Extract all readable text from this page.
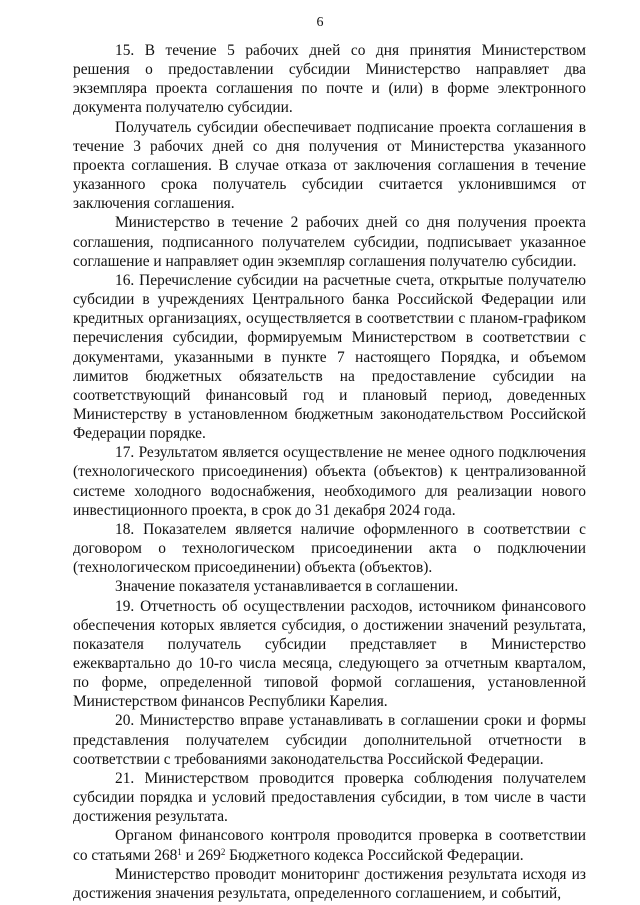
6

15. В течение 5 рабочих дней со дня принятия Министерством решения о предоставлении субсидии Министерство направляет два экземпляра проекта соглашения по почте и (или) в форме электронного документа получателю субсидии.

Получатель субсидии обеспечивает подписание проекта соглашения в течение 3 рабочих дней со дня получения от Министерства указанного проекта соглашения. В случае отказа от заключения соглашения в течение указанного срока получатель субсидии считается уклонившимся от заключения соглашения.

Министерство в течение 2 рабочих дней со дня получения проекта соглашения, подписанного получателем субсидии, подписывает указанное соглашение и направляет один экземпляр соглашения получателю субсидии.

16. Перечисление субсидии на расчетные счета, открытые получателю субсидии в учреждениях Центрального банка Российской Федерации или кредитных организациях, осуществляется в соответствии с планом-графиком перечисления субсидии, формируемым Министерством в соответствии с документами, указанными в пункте 7 настоящего Порядка, и объемом лимитов бюджетных обязательств на предоставление субсидии на соответствующий финансовый год и плановый период, доведенных Министерству в установленном бюджетным законодательством Российской Федерации порядке.

17. Результатом является осуществление не менее одного подключения (технологического присоединения) объекта (объектов) к централизованной системе холодного водоснабжения, необходимого для реализации нового инвестиционного проекта, в срок до 31 декабря 2024 года.

18. Показателем является наличие оформленного в соответствии с договором о технологическом присоединении акта о подключении (технологическом присоединении) объекта (объектов).

Значение показателя устанавливается в соглашении.

19. Отчетность об осуществлении расходов, источником финансового обеспечения которых является субсидия, о достижении значений результата, показателя получатель субсидии представляет в Министерство ежеквартально до 10-го числа месяца, следующего за отчетным кварталом, по форме, определенной типовой формой соглашения, установленной Министерством финансов Республики Карелия.

20. Министерство вправе устанавливать в соглашении сроки и формы представления получателем субсидии дополнительной отчетности в соответствии с требованиями законодательства Российской Федерации.

21. Министерством проводится проверка соблюдения получателем субсидии порядка и условий предоставления субсидии, в том числе в части достижения результата.

Органом финансового контроля проводится проверка в соответствии со статьями $268^1$ и $269^2$ Бюджетного кодекса Российской Федерации.

Министерство проводит мониторинг достижения результата исходя из достижения значения результата, определенного соглашением, и событий,
